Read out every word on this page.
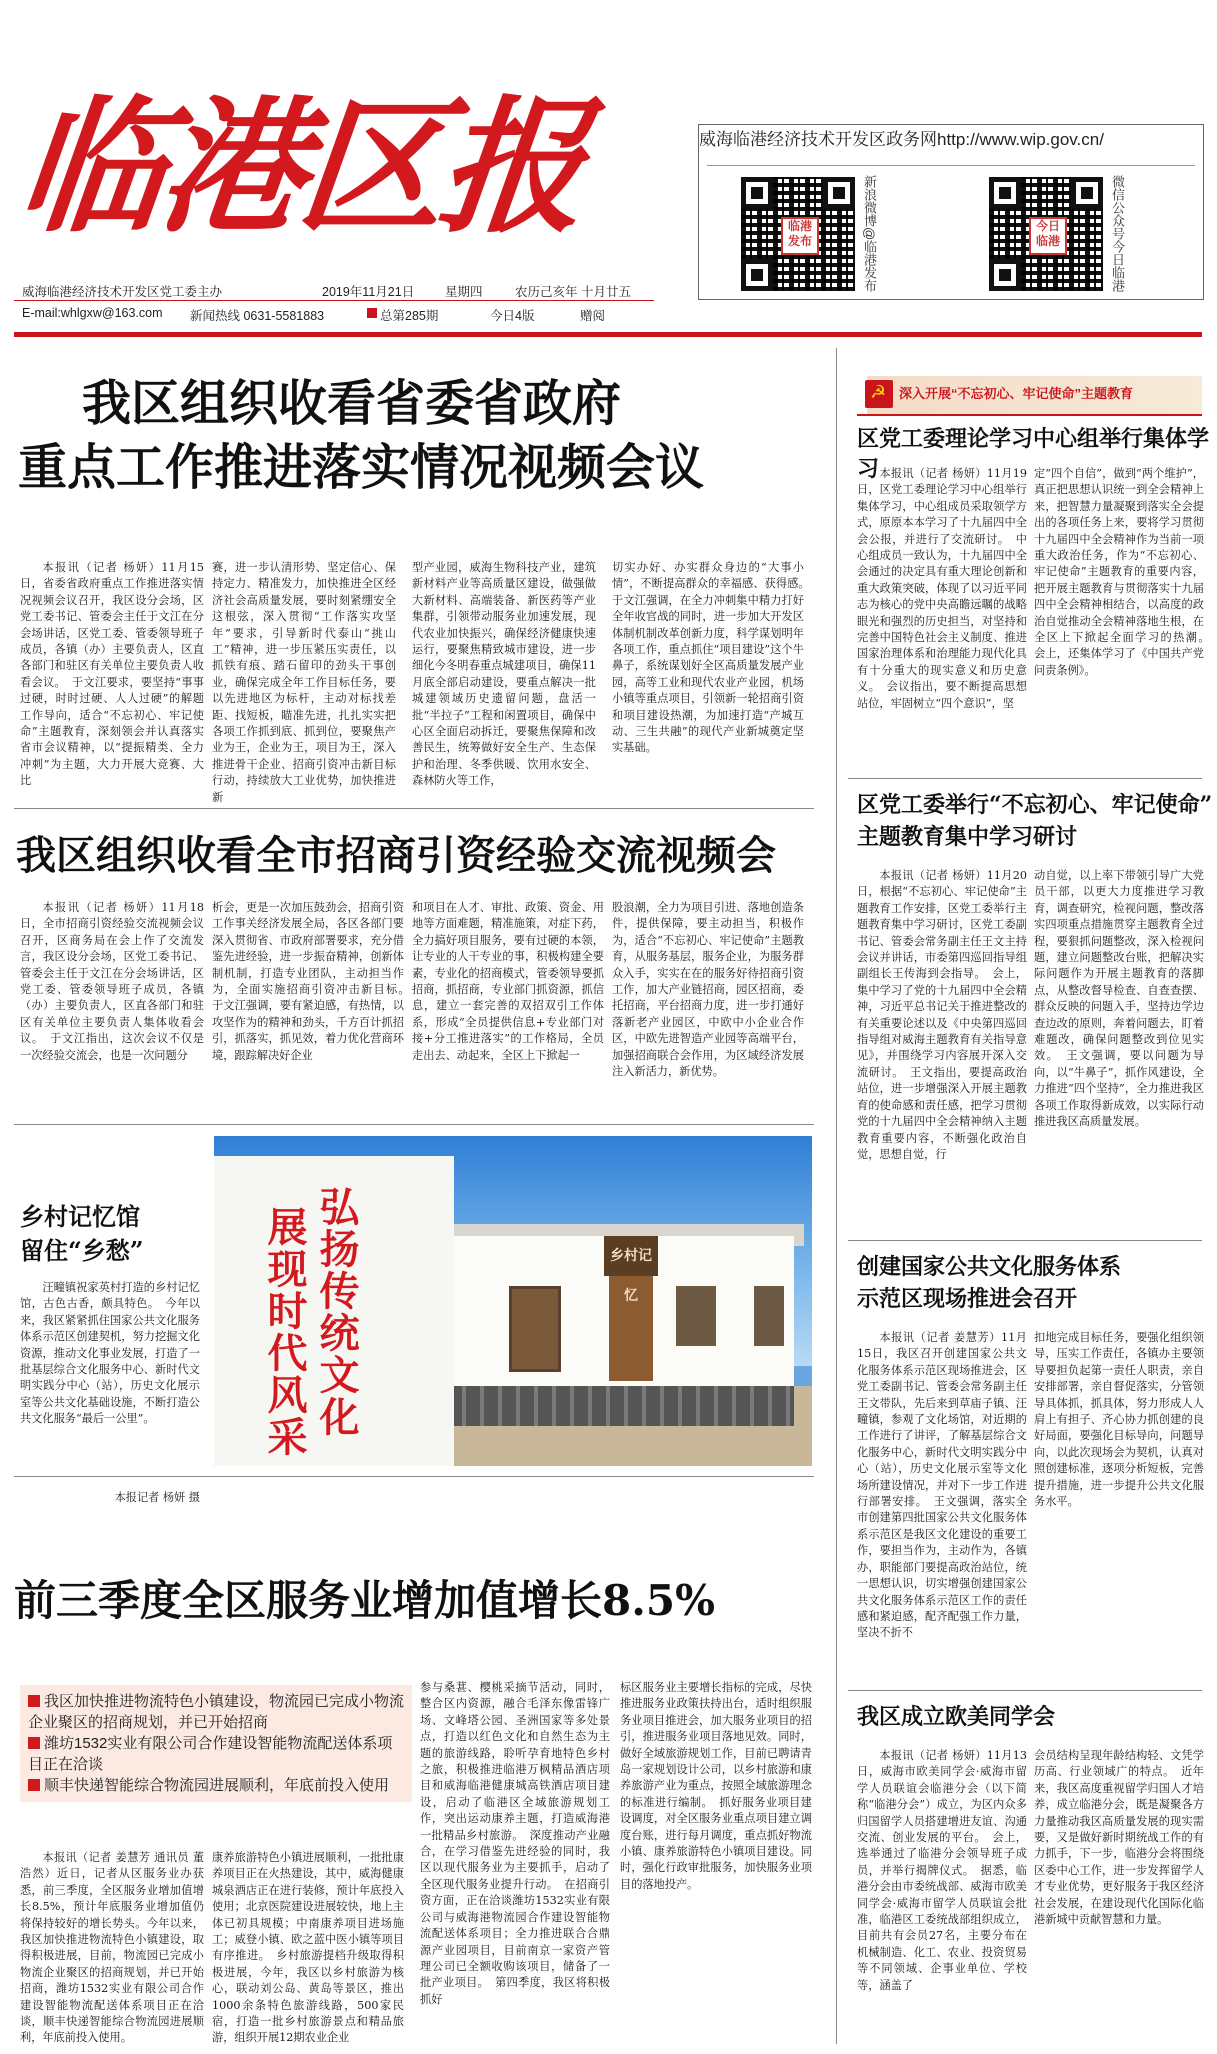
临港区报	威海临港经济技术开发区政务网http://www.wip.gov.cn/
临港发布	新浪微博@临港发布	今日临港	微信公众号今日临港
威海临港经济技术开发区党工委主办	2019年11月21日 星期四	农历己亥年 十月廿五
E-mail:whlgxw@163.com 新闻热线 0631-5581883	总第285期	今日4版	赠阅
我区组织收看省委省政府
重点工作推进落实情况视频会议

本报讯（记者 杨妍）11月15日，省委省政府重点工作推进落实情况视频会议召开，我区设分会场，区党工委书记、管委会主任于文江在分会场讲话，区党工委、管委领导班子成员，各镇（办）主要负责人，区直各部门和驻区有关单位主要负责人收看会议。　于文江要求，要坚持“事事过硬，时时过硬、人人过硬”的解题工作导向，适合“不忘初心、牢记使命”主题教育，深刻领会并认真落实省市会议精神，以“提振精类、全力冲刺”为主题，大力开展大竞赛、大比

赛，进一步认清形势、坚定信心、保持定力、精准发力，加快推进全区经济社会高质量发展，要时刻紧绷安全这根弦，深入贯彻“工作落实攻坚年”要求，引导新时代泰山“挑山工”精神，进一步压紧压实责任，以抓铁有痕、踏石留印的劲头干事创业，确保完成全年工作目标任务，要以先进地区为标杆，主动对标找差距、找短板，瞄准先进，扎扎实实把各项工作抓到底、抓到位，要聚焦产业为王，企业为王，项目为王，深入推进骨干企业、招商引资冲击新目标行动，持续放大工业优势，加快推进新

型产业园，威海生物科技产业，建筑新材料产业等高质量区建设，做强做大新材料、高端装备、新医药等产业集群，引领带动服务业加速发展，现代农业加快振兴，确保经济健康快速运行，要聚焦精致城市建设，进一步细化今冬明春重点城建项目，确保11月底全部启动建设，要重点解决一批城建领域历史遗留问题，盘活一批“半拉子”工程和闲置项目，确保中心区全面启动拆迁，要聚焦保障和改善民生，统筹做好安全生产、生态保护和治理、冬季供暖、饮用水安全、森林防火等工作，

切实办好、办实群众身边的“大事小情”，不断提高群众的幸福感、获得感。　于文江强调，在全力冲刺集中精力打好全年收官战的同时，进一步加大开发区体制机制改革创新力度，科学谋划明年各项工作，重点抓住“项目建设”这个牛鼻子，系统谋划好全区高质量发展产业园，高等工业和现代农业产业园，机场小镇等重点项目，引领新一轮招商引资和项目建设热潮，为加速打造“产城互动、三生共融”的现代产业新城奠定坚实基础。

我区组织收看全市招商引资经验交流视频会

本报讯（记者 杨妍）11月18日，全市招商引资经验交流视频会议召开，区商务局在会上作了交流发言，我区设分会场，区党工委书记、管委会主任于文江在分会场讲话，区党工委、管委领导班子成员，各镇（办）主要负责人，区直各部门和驻区有关单位主要负责人集体收看会议。　于文江指出，这次会议不仅是一次经验交流会，也是一次问题分

析会，更是一次加压鼓劲会，招商引资工作事关经济发展全局，各区各部门要深入贯彻省、市政府部署要求，充分借鉴先进经验，进一步振奋精神，创新体制机制，打造专业团队，主动担当作为，全面实施招商引资冲击新目标。　于文江强调，要有紧迫感，有热情，以攻坚作为的精神和劲头，千方百计抓招引，抓落实，抓见效，着力优化营商环境，跟踪解决好企业

和项目在人才、审批、政策、资金、用地等方面难题，精准施策，对症下药，全力搞好项目服务，要有过硬的本领，让专业的人干专业的事，积极构建全要素，专业化的招商模式，管委领导要抓招商，抓招商，专业部门抓资源，抓信息，建立一套完善的双招双引工作体系，形成“全员提供信息+专业部门对接+分工推进落实”的工作格局，全员走出去、动起来，全区上下掀起一

股浪潮，全力为项目引进、落地创造条件，提供保障，要主动担当，积极作为，适合“不忘初心、牢记使命”主题教育，从服务基层，服务企业，为服务群众入手，实实在在的服务好待招商引资工作，加大产业链招商，园区招商，委托招商，平台招商力度，进一步打通好落新老产业园区，中欧中小企业合作区，中欧先进智造产业园等高端平台，加强招商联合会作用，为区域经济发展注入新活力，新优势。

乡村记忆馆
留住“乡愁”

汪疃镇祝家英村打造的乡村记忆馆，古色古香，颇具特色。　今年以来，我区紧紧抓住国家公共文化服务体系示范区创建契机，努力挖掘文化资源，推动文化事业发展，打造了一批基层综合文化服务中心、新时代文明实践分中心（站），历史文化展示室等公共文化基础设施，不断打造公共文化服务“最后一公里”。

本报记者 杨妍 摄
乡村记忆
弘扬传统文化
展现时代风采
前三季度全区服务业增加值增长8.5%
我区加快推进物流特色小镇建设，物流园已完成小物流企业聚区的招商规划，并已开始招商
潍坊1532实业有限公司合作建设智能物流配送体系项目正在洽谈
顺丰快递智能综合物流园进展顺利，年底前投入使用

本报讯（记者 姜慧芳 通讯员 董浩然）近日，记者从区服务业办获悉，前三季度，全区服务业增加值增长8.5%，预计年底服务业增加值仍将保持较好的增长势头。今年以来，我区加快推进物流特色小镇建设，取得积极进展，目前，物流园已完成小物流企业聚区的招商规划，并已开始招商，潍坊1532实业有限公司合作建设智能物流配送体系项目正在洽谈，顺丰快递智能综合物流园进展顺利，年底前投入使用。

康养旅游特色小镇进展顺利，一批批康养项目正在火热建设，其中，威海健康城泉酒店正在进行装修，预计年底投入使用；北京医院建设进展较快，地上主体已初具规模；中南康养项目进场施工；威登小镇、欧之蓝中医小镇等项目有序推进。　乡村旅游提档升级取得积极进展，今年，我区以乡村旅游为核心，联动刘公岛、黄岛等景区，推出1000余条特色旅游线路，500家民宿，打造一批乡村旅游景点和精品旅游，组织开展12期农业企业

参与桑葚、樱桃采摘节活动，同时，整合区内资源，融合毛泽东像雷锋广场、文峰塔公园、圣洲国家等多处景点，打造以红色文化和自然生态为主题的旅游线路，聆听孕育地特色乡村之旅，积极推进临港万枫精品酒店项目和威海临港健康城高铁酒店项目建设，启动了临港区全域旅游规划工作，突出运动康养主题，打造威海港一批精品乡村旅游。　深度推动产业融合，在学习借鉴先进经验的同时，我区以现代服务业为主要抓手，启动了全区现代服务业提升行动。　在招商引资方面，正在洽谈潍坊1532实业有限公司与威海港物流园合作建设智能物流配送体系项目；全力推进联合合鼎源产业园项目，目前南京一家资产管理公司已全额收购该项目，储备了一批产业项目。　第四季度，我区将积极抓好

标区服务业主要增长指标的完成，尽快推进服务业政策扶持出台，适时组织服务业项目推进会，加大服务业项目的招引，推进服务业项目落地见效。同时，做好全域旅游规划工作，目前已聘请青岛一家规划设计公司，以乡村旅游和康养旅游产业为重点，按照全域旅游理念的标准进行编制。　抓好服务业项目建设调度，对全区服务业重点项目建立调度台账，进行每月调度，重点抓好物流小镇、康养旅游特色小镇项目建设。同时，强化行政审批服务，加快服务业项目的落地投产。

☭
深入开展“不忘初心、牢记使命”主题教育
区党工委理论学习中心组举行集体学习 本报讯（记者 杨妍）11月19日，区党工委理论学习中心组举行集体学习，中心组成员采取领学方式，原原本本学习了十九届四中全会公报，并进行了交流研讨。　中心组成员一致认为，十九届四中全会通过的决定具有重大理论创新和重大政策突破，体现了以习近平同志为核心的党中央高瞻远瞩的战略眼光和强烈的历史担当，对坚持和完善中国特色社会主义制度、推进国家治理体系和治理能力现代化具有十分重大的现实意义和历史意义。　会议指出，要不断提高思想站位，牢固树立“四个意识”，坚

定“四个自信”，做到“两个维护”，真正把思想认识统一到全会精神上来，把智慧力量凝聚到落实全会提出的各项任务上来，要将学习贯彻十九届四中全会精神作为当前一项重大政治任务，作为“不忘初心、牢记使命”主题教育的重要内容，把开展主题教育与贯彻落实十九届四中全会精神相结合，以高度的政治自觉推动全会精神落地生根，在全区上下掀起全面学习的热潮。　会上，还集体学习了《中国共产党问责条例》。

区党工委举行“不忘初心、牢记使命”
主题教育集中学习研讨

本报讯（记者 杨妍）11月20日，根据“不忘初心、牢记使命”主题教育工作安排，区党工委举行主题教育集中学习研讨，区党工委副书记、管委会常务副主任王文主持会议并讲话，市委第四巡回指导组副组长王传海到会指导。　会上，集中学习了党的十九届四中全会精神，习近平总书记关于推进整改的有关重要论述以及《中央第四巡回指导组对威海主题教育有关指导意见》，并围绕学习内容展开深入交流研讨。　王文指出，要提高政治站位，进一步增强深入开展主题教育的使命感和责任感，把学习贯彻党的十九届四中全会精神纳入主题教育重要内容，不断强化政治自觉，思想自觉，行

动自觉，以上率下带领引导广大党员干部，以更大力度推进学习教育，调查研究，检视问题，整改落实四项重点措施贯穿主题教育全过程，要狠抓问题整改，深入检视问题，建立问题整改台账，把解决实际问题作为开展主题教育的落脚点，从整改督导检查、自查查摆、群众反映的问题入手，坚持边学边查边改的原则，奔着问题去，盯着难题改，确保问题整改到位见实效。　王文强调，要以问题为导向，以“牛鼻子”，抓作风建设，全力推进“四个坚持”，全力推进我区各项工作取得新成效，以实际行动推进我区高质量发展。

创建国家公共文化服务体系
示范区现场推进会召开

本报讯（记者 姜慧芳）11月15日，我区召开创建国家公共文化服务体系示范区现场推进会，区党工委副书记、管委会常务副主任王文带队，先后来到草庙子镇、汪疃镇，参观了文化场馆，对近期的工作进行了讲评，了解基层综合文化服务中心，新时代文明实践分中心（站），历史文化展示室等文化场所建设情况，并对下一步工作进行部署安排。　王文强调，落实全市创建第四批国家公共文化服务体系示范区是我区文化建设的重要工作，要担当作为，主动作为，各镇办，职能部门要提高政治站位，统一思想认识，切实增强创建国家公共文化服务体系示范区工作的责任感和紧迫感，配齐配强工作力量，坚决不折不

扣地完成目标任务，要强化组织领导，压实工作责任，各镇办主要领导要担负起第一责任人职责，亲自安排部署，亲自督促落实，分管领导具体抓，抓具体，努力形成人人肩上有担子、齐心协力抓创建的良好局面，要强化目标导向，问题导向，以此次现场会为契机，认真对照创建标准，逐项分析短板，完善提升措施，进一步提升公共文化服务水平。

我区成立欧美同学会

本报讯（记者 杨妍）11月13日，威海市欧美同学会·威海市留学人员联谊会临港分会（以下简称“临港分会”）成立，为区内众多归国留学人员搭建增进友谊、沟通交流、创业发展的平台。　会上，选举通过了临港分会领导班子成员，并举行揭牌仪式。　据悉，临港分会由市委统战部、威海市欧美同学会·威海市留学人员联谊会批准，临港区工委统战部组织成立，目前共有会员27名，主要分布在机械制造、化工、农业、投资贸易等不同领域、企事业单位、学校等，涵盖了

会员结构呈现年龄结构轻、文凭学历高、行业领域广的特点。　近年来，我区高度重视留学归国人才培养，成立临港分会，既是凝聚各方力量推动我区高质量发展的现实需要，又是做好新时期统战工作的有力抓手，下一步，临港分会将围绕区委中心工作，进一步发挥留学人才专业优势，更好服务于我区经济社会发展，在建设现代化国际化临港新城中贡献智慧和力量。
